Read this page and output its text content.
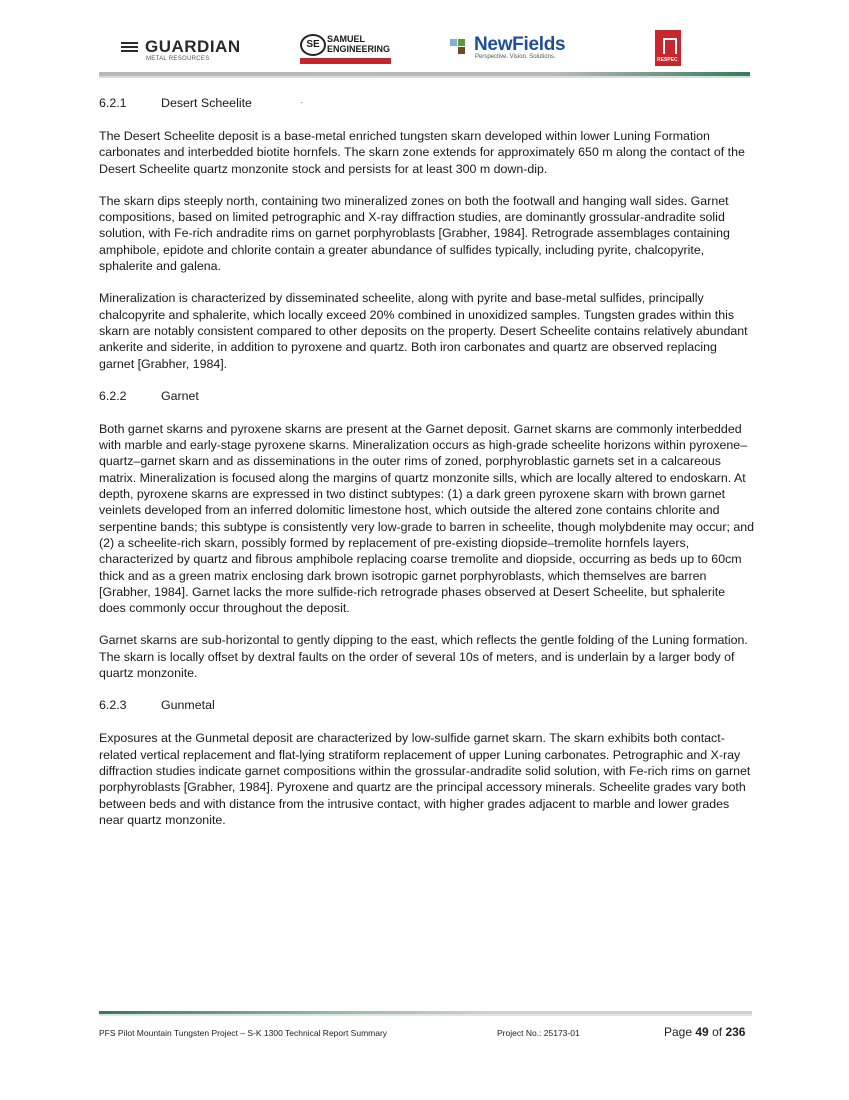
GUARDIAN
METAL RESOURCES
SE SAMUEL
ENGINEERING	NewFields
Perspective. Vision. Solutions.	RESPEC
·
6.2.1	Desert Scheelite

The Desert Scheelite deposit is a base-metal enriched tungsten skarn developed within lower Luning Formation carbonates and interbedded biotite hornfels. The skarn zone extends for approximately 650 m along the contact of the Desert Scheelite quartz monzonite stock and persists for at least 300 m down-dip.

The skarn dips steeply north, containing two mineralized zones on both the footwall and hanging wall sides. Garnet compositions, based on limited petrographic and X-ray diffraction studies, are dominantly grossular-andradite solid solution, with Fe-rich andradite rims on garnet porphyroblasts [Grabher, 1984]. Retrograde assemblages containing amphibole, epidote and chlorite contain a greater abundance of sulfides typically, including pyrite, chalcopyrite, sphalerite and galena.

Mineralization is characterized by disseminated scheelite, along with pyrite and base-metal sulfides, principally chalcopyrite and sphalerite, which locally exceed 20% combined in unoxidized samples. Tungsten grades within this skarn are notably consistent compared to other deposits on the property. Desert Scheelite contains relatively abundant ankerite and siderite, in addition to pyroxene and quartz. Both iron carbonates and quartz are observed replacing garnet [Grabher, 1984].

6.2.2	Garnet

Both garnet skarns and pyroxene skarns are present at the Garnet deposit. Garnet skarns are commonly interbedded with marble and early-stage pyroxene skarns. Mineralization occurs as high-grade scheelite horizons within pyroxene–quartz–garnet skarn and as disseminations in the outer rims of zoned, porphyroblastic garnets set in a calcareous matrix. Mineralization is focused along the margins of quartz monzonite sills, which are locally altered to endoskarn. At depth, pyroxene skarns are expressed in two distinct subtypes: (1) a dark green pyroxene skarn with brown garnet veinlets developed from an inferred dolomitic limestone host, which outside the altered zone contains chlorite and serpentine bands; this subtype is consistently very low-grade to barren in scheelite, though molybdenite may occur; and (2) a scheelite-rich skarn, possibly formed by replacement of pre-existing diopside–tremolite hornfels layers, characterized by quartz and fibrous amphibole replacing coarse tremolite and diopside, occurring as beds up to 60cm thick and as a green matrix enclosing dark brown isotropic garnet porphyroblasts, which themselves are barren [Grabher, 1984]. Garnet lacks the more sulfide-rich retrograde phases observed at Desert Scheelite, but sphalerite does commonly occur throughout the deposit.

Garnet skarns are sub-horizontal to gently dipping to the east, which reflects the gentle folding of the Luning formation. The skarn is locally offset by dextral faults on the order of several 10s of meters, and is underlain by a larger body of quartz monzonite.

6.2.3	Gunmetal

Exposures at the Gunmetal deposit are characterized by low-sulfide garnet skarn. The skarn exhibits both contact-related vertical replacement and flat-lying stratiform replacement of upper Luning carbonates. Petrographic and X-ray diffraction studies indicate garnet compositions within the grossular-andradite solid solution, with Fe-rich rims on garnet porphyroblasts [Grabher, 1984]. Pyroxene and quartz are the principal accessory minerals. Scheelite grades vary both between beds and with distance from the intrusive contact, with higher grades adjacent to marble and lower grades near quartz monzonite.

PFS Pilot Mountain Tungsten Project – S-K 1300 Technical Report Summary	Project No.: 25173-01	Page 49 of 236
